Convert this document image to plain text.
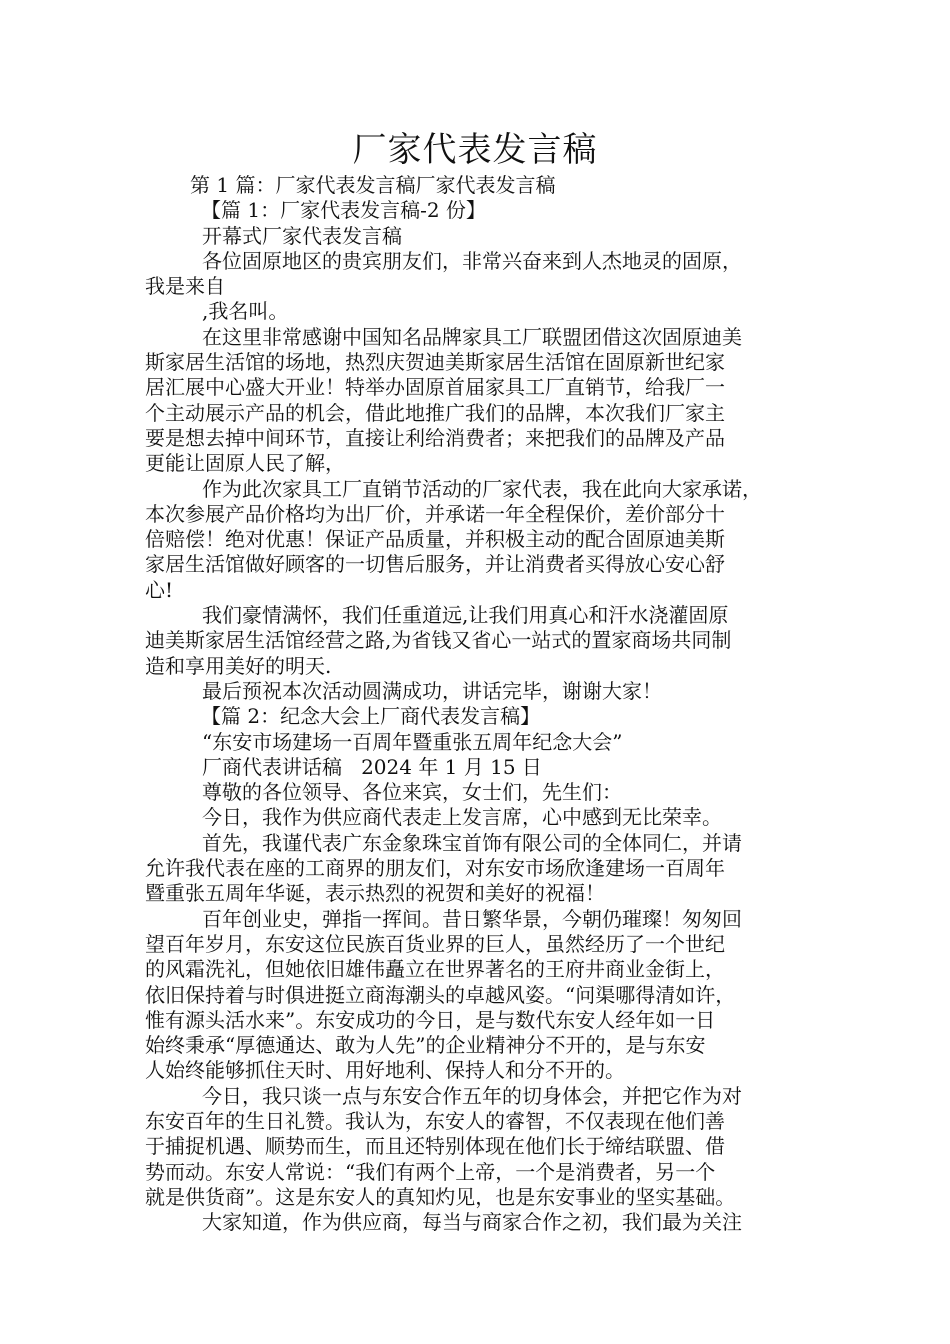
厂家代表发言稿
第 1 篇：厂家代表发言稿厂家代表发言稿
【篇 1：厂家代表发言稿-2 份】
开幕式厂家代表发言稿
各位固原地区的贵宾朋友们，非常兴奋来到人杰地灵的固原，
我是来自
,我名叫。
在这里非常感谢中国知名品牌家具工厂联盟团借这次固原迪美
斯家居生活馆的场地，热烈庆贺迪美斯家居生活馆在固原新世纪家
居汇展中心盛大开业！特举办固原首届家具工厂直销节，给我厂一
个主动展示产品的机会，借此地推广我们的品牌，本次我们厂家主
要是想去掉中间环节，直接让利给消费者；来把我们的品牌及产品
更能让固原人民了解，
作为此次家具工厂直销节活动的厂家代表，我在此向大家承诺，
本次参展产品价格均为出厂价，并承诺一年全程保价，差价部分十
倍赔偿！绝对优惠！保证产品质量，并积极主动的配合固原迪美斯
家居生活馆做好顾客的一切售后服务，并让消费者买得放心安心舒
心!
我们豪情满怀，我们任重道远,让我们用真心和汗水浇灌固原
迪美斯家居生活馆经营之路,为省钱又省心一站式的置家商场共同制
造和享用美好的明天.
最后预祝本次活动圆满成功，讲话完毕，谢谢大家！
【篇 2：纪念大会上厂商代表发言稿】
“东安市场建场一百周年暨重张五周年纪念大会”
厂商代表讲话稿   2024 年 1 月 15 日
尊敬的各位领导、各位来宾，女士们，先生们：
今日，我作为供应商代表走上发言席，心中感到无比荣幸。
首先，我谨代表广东金象珠宝首饰有限公司的全体同仁，并请
允许我代表在座的工商界的朋友们，对东安市场欣逢建场一百周年
暨重张五周年华诞，表示热烈的祝贺和美好的祝福！
百年创业史，弹指一挥间。昔日繁华景，今朝仍璀璨！匆匆回
望百年岁月，东安这位民族百货业界的巨人，虽然经历了一个世纪
的风霜洗礼，但她依旧雄伟矗立在世界著名的王府井商业金街上，
依旧保持着与时俱进挺立商海潮头的卓越风姿。“问渠哪得清如许，
惟有源头活水来”。东安成功的今日，是与数代东安人经年如一日
始终秉承“厚德通达、敢为人先”的企业精神分不开的，是与东安
人始终能够抓住天时、用好地利、保持人和分不开的。
今日，我只谈一点与东安合作五年的切身体会，并把它作为对
东安百年的生日礼赞。我认为，东安人的睿智，不仅表现在他们善
于捕捉机遇、顺势而生，而且还特别体现在他们长于缔结联盟、借
势而动。东安人常说：“我们有两个上帝，一个是消费者，另一个
就是供货商”。这是东安人的真知灼见，也是东安事业的坚实基础。
大家知道，作为供应商，每当与商家合作之初，我们最为关注
